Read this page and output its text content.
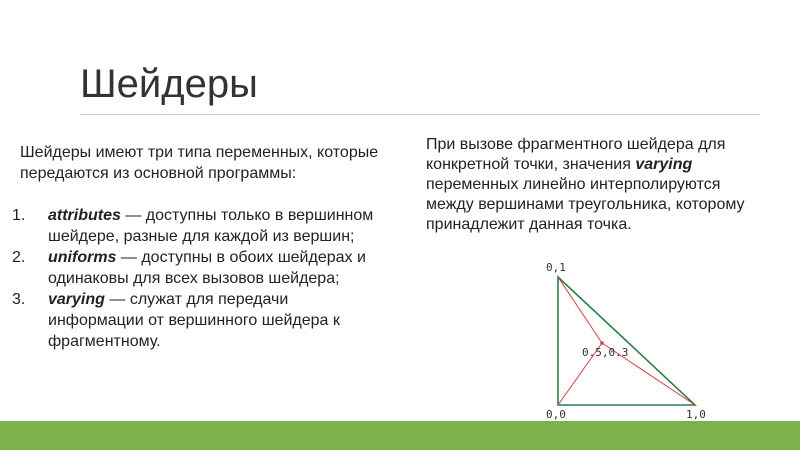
Шейдеры

Шейдеры имеют три типа переменных, которые передаются из основной программы:

1. attributes — доступны только в вершинном шейдере, разные для каждой из вершин;
2. uniforms — доступны в обоих шейдерах и одинаковы для всех вызовов шейдера;
3. varying — служат для передачи информации от вершинного шейдера к фрагментному.
При вызове фрагментного шейдера для конкретной точки, значения varying переменных линейно интерполируются между вершинами треугольника, которому принадлежит данная точка.
0,1
0,0	1,0
0.5,0.3
